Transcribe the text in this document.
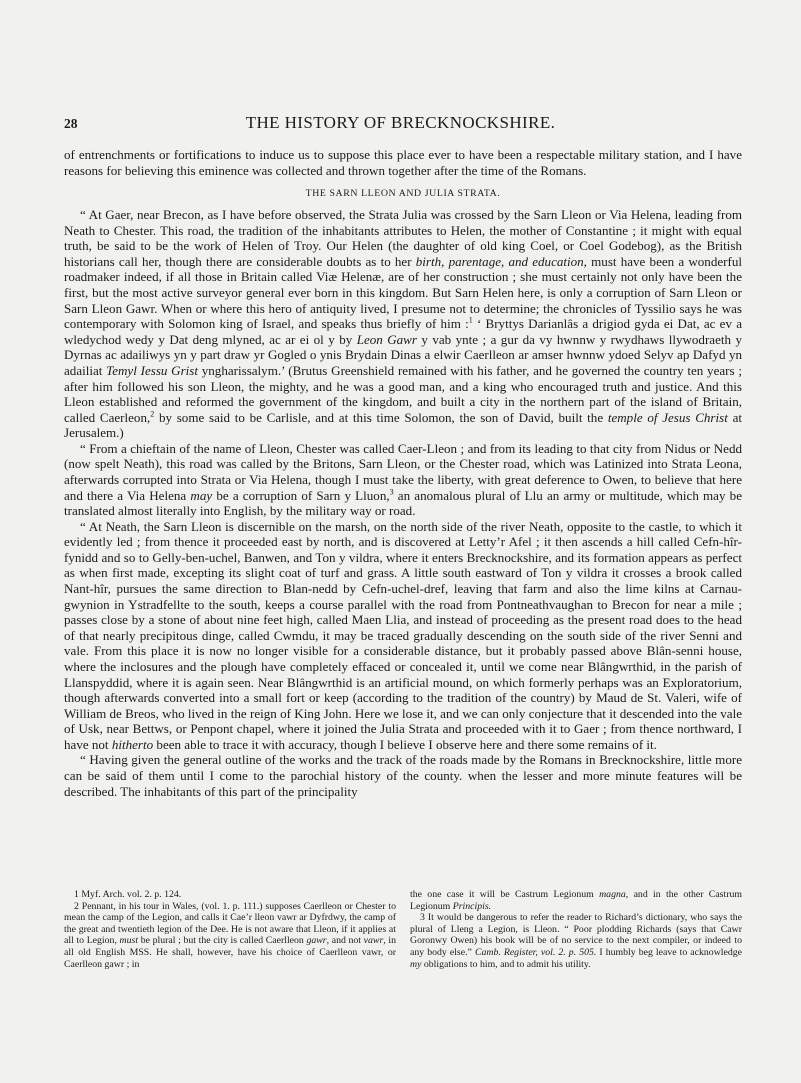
28	THE HISTORY OF BRECKNOCKSHIRE.

of entrenchments or fortifications to induce us to suppose this place ever to have been a respectable military station, and I have reasons for believing this eminence was collected and thrown together after the time of the Romans.

THE SARN LLEON AND JULIA STRATA.

“ At Gaer, near Brecon, as I have before observed, the Strata Julia was crossed by the Sarn Lleon or Via Helena, leading from Neath to Chester. This road, the tradition of the inhabitants attributes to Helen, the mother of Constantine ; it might with equal truth, be said to be the work of Helen of Troy. Our Helen (the daughter of old king Coel, or Coel Godebog), as the British historians call her, though there are considerable doubts as to her birth, parentage, and education, must have been a wonderful roadmaker indeed, if all those in Britain called Viæ Helenæ, are of her construction ; she must certainly not only have been the first, but the most active surveyor general ever born in this kingdom. But Sarn Helen here, is only a corruption of Sarn Lleon or Sarn Lleon Gawr. When or where this hero of antiquity lived, I presume not to determine; the chronicles of Tyssilio says he was contemporary with Solomon king of Israel, and speaks thus briefly of him :$^1$ ‘ Bryttys Darianlâs a drigiod gyda ei Dat, ac ev a wledychod wedy y Dat deng mlyned, ac ar ei ol y by Leon Gawr y vab ynte ; a gur da vy hwnnw y rwydhaws llywodraeth y Dyrnas ac adailiwys yn y part draw yr Gogled o ynis Brydain Dinas a elwir Caerlleon ar amser hwnnw ydoed Selyv ap Dafyd yn adailiat Temyl Iessu Grist yngharissalym.’ (Brutus Greenshield remained with his father, and he governed the country ten years ; after him followed his son Lleon, the mighty, and he was a good man, and a king who encouraged truth and justice. And this Lleon established and reformed the government of the kingdom, and built a city in the northern part of the island of Britain, called Caerleon,$^2$ by some said to be Carlisle, and at this time Solomon, the son of David, built the temple of Jesus Christ at Jerusalem.)

“ From a chieftain of the name of Lleon, Chester was called Caer-Lleon ; and from its leading to that city from Nidus or Nedd (now spelt Neath), this road was called by the Britons, Sarn Lleon, or the Chester road, which was Latinized into Strata Leona, afterwards corrupted into Strata or Via Helena, though I must take the liberty, with great deference to Owen, to believe that here and there a Via Helena may be a corruption of Sarn y Lluon,$^3$ an anomalous plural of Llu an army or multitude, which may be translated almost literally into English, by the military way or road.

“ At Neath, the Sarn Lleon is discernible on the marsh, on the north side of the river Neath, opposite to the castle, to which it evidently led ; from thence it proceeded east by north, and is discovered at Letty’r Afel ; it then ascends a hill called Cefn-hîr-fynidd and so to Gelly-ben-uchel, Banwen, and Ton y vildra, where it enters Brecknockshire, and its formation appears as perfect as when first made, excepting its slight coat of turf and grass. A little south eastward of Ton y vildra it crosses a brook called Nant-hîr, pursues the same direction to Blan-nedd by Cefn-uchel-dref, leaving that farm and also the lime kilns at Carnau-gwynion in Ystradfellte to the south, keeps a course parallel with the road from Pontneathvaughan to Brecon for near a mile ; passes close by a stone of about nine feet high, called Maen Llia, and instead of proceeding as the present road does to the head of that nearly precipitous dinge, called Cwmdu, it may be traced gradually descending on the south side of the river Senni and vale. From this place it is now no longer visible for a considerable distance, but it probably passed above Blân-senni house, where the inclosures and the plough have completely effaced or concealed it, until we come near Blângwrthid, in the parish of Llanspyddid, where it is again seen. Near Blângwrthid is an artificial mound, on which formerly perhaps was an Exploratorium, though afterwards converted into a small fort or keep (according to the tradition of the country) by Maud de St. Valeri, wife of William de Breos, who lived in the reign of King John. Here we lose it, and we can only conjecture that it descended into the vale of Usk, near Bettws, or Penpont chapel, where it joined the Julia Strata and proceeded with it to Gaer ; from thence northward, I have not hitherto been able to trace it with accuracy, though I believe I observe here and there some remains of it.

“ Having given the general outline of the works and the track of the roads made by the Romans in Brecknockshire, little more can be said of them until I come to the parochial history of the county. when the lesser and more minute features will be described. The inhabitants of this part of the principality

1 Myf. Arch. vol. 2. p. 124.

2 Pennant, in his tour in Wales, (vol. 1. p. 111.) supposes Caerlleon or Chester to mean the camp of the Legion, and calls it Cae’r lleon vawr ar Dyfrdwy, the camp of the great and twentieth legion of the Dee. He is not aware that Lleon, if it applies at all to Legion, must be plural ; but the city is called Caerlleon gawr, and not vawr, in all old English MSS. He shall, however, have his choice of Caerlleon vawr, or Caerlleon gawr ; in

the one case it will be Castrum Legionum magna, and in the other Castrum Legionum Principis.

3 It would be dangerous to refer the reader to Richard’s dictionary, who says the plural of Lleng a Legion, is Lleon. “ Poor plodding Richards (says that Cawr Goronwy Owen) his book will be of no service to the next compiler, or indeed to any body else.” Camb. Register, vol. 2. p. 505. I humbly beg leave to acknowledge my obligations to him, and to admit his utility.
